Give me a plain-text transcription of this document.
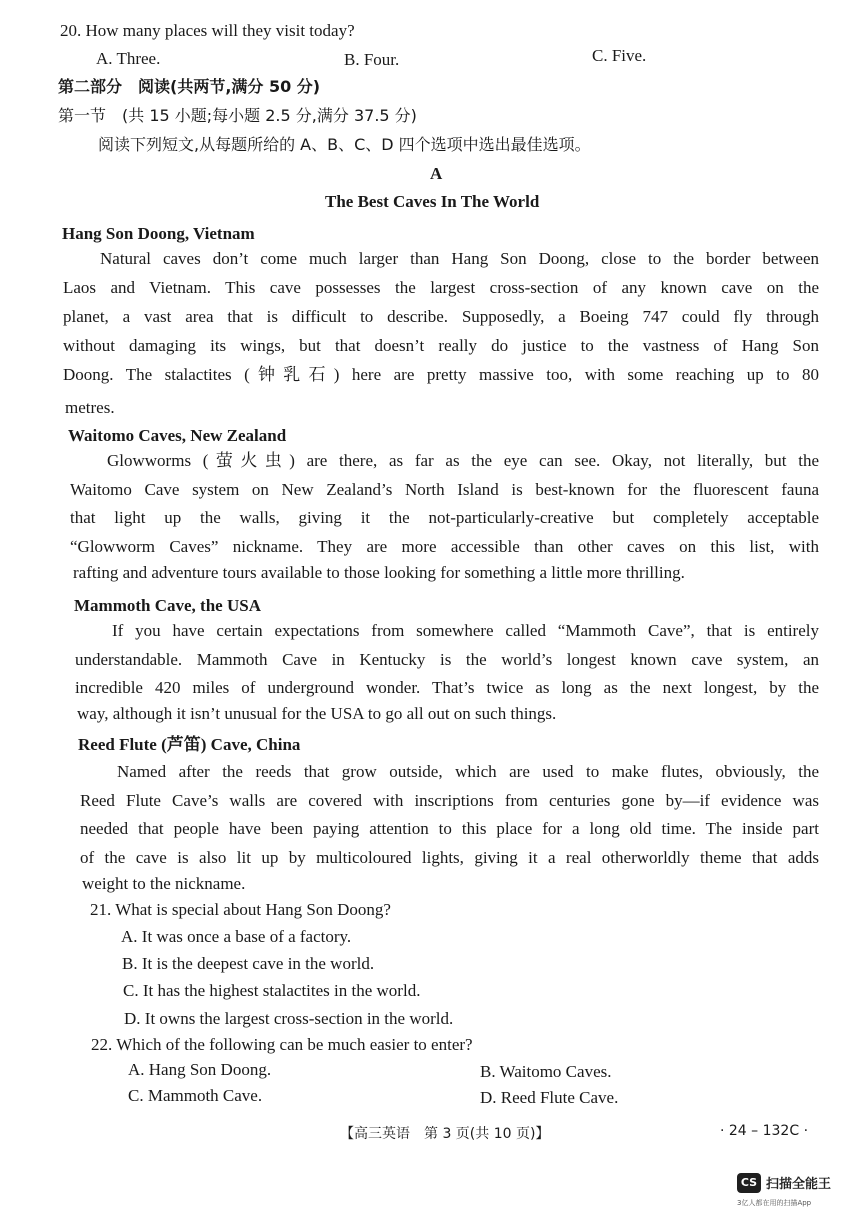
20. How many places will they visit today?
A. Three.	B. Four.	C. Five.
第二部分　阅读(共两节,满分 50 分)
第一节　(共 15 小题;每小题 2.5 分,满分 37.5 分)
阅读下列短文,从每题所给的 A、B、C、D 四个选项中选出最佳选项。
A
The Best Caves In The World
Hang Son Doong, Vietnam
Natural caves don’t come much larger than Hang Son Doong, close to the border between
Laos and Vietnam. This cave possesses the largest cross-section of any known cave on the
planet, a vast area that is difficult to describe. Supposedly, a Boeing 747 could fly through
without damaging its wings, but that doesn’t really do justice to the vastness of Hang Son
Doong. The stalactites (钟乳石) here are pretty massive too, with some reaching up to 80
metres.
Waitomo Caves, New Zealand
Glowworms (萤火虫) are there, as far as the eye can see. Okay, not literally, but the
Waitomo Cave system on New Zealand’s North Island is best-known for the fluorescent fauna
that light up the walls, giving it the not-particularly-creative but completely acceptable
“Glowworm Caves” nickname. They are more accessible than other caves on this list, with
rafting and adventure tours available to those looking for something a little more thrilling.
Mammoth Cave, the USA
If you have certain expectations from somewhere called “Mammoth Cave”, that is entirely
understandable. Mammoth Cave in Kentucky is the world’s longest known cave system, an
incredible 420 miles of underground wonder. That’s twice as long as the next longest, by the
way, although it isn’t unusual for the USA to go all out on such things.
Reed Flute (芦笛) Cave, China
Named after the reeds that grow outside, which are used to make flutes, obviously, the
Reed Flute Cave’s walls are covered with inscriptions from centuries gone by—if evidence was
needed that people have been paying attention to this place for a long old time. The inside part
of the cave is also lit up by multicoloured lights, giving it a real otherworldly theme that adds
weight to the nickname.
21. What is special about Hang Son Doong?
A. It was once a base of a factory.
B. It is the deepest cave in the world.
C. It has the highest stalactites in the world.
D. It owns the largest cross-section in the world.
22. Which of the following can be much easier to enter?
A. Hang Son Doong.	B. Waitomo Caves.
C. Mammoth Cave.	D. Reed Flute Cave.
【高三英语　第 3 页(共 10 页)】	· 24 – 132C ·
CS 扫描全能王
3亿人都在用的扫描App
